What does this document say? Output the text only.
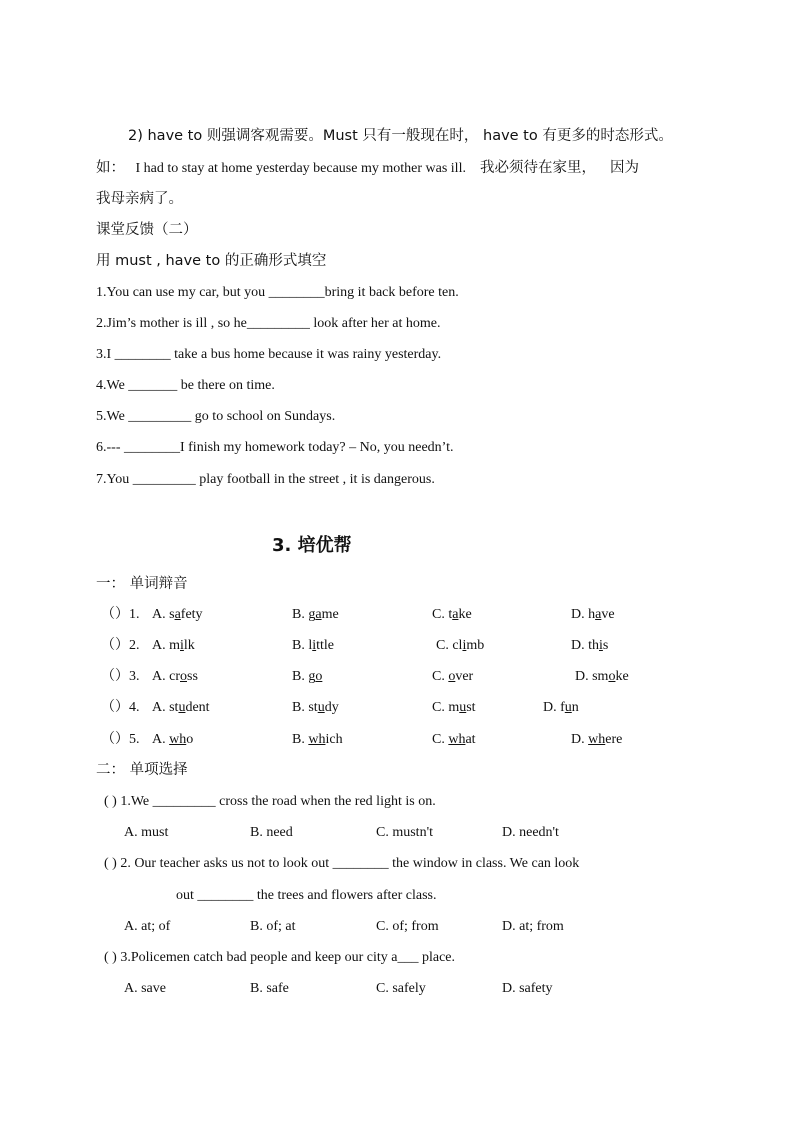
2) have to 则强调客观需要。Must 只有一般现在时， have to 有更多的时态形式。
如： I had to stay at home yesterday because my mother was ill. 我必须待在家里， 因为
我母亲病了。
课堂反馈（二）
用 must , have to 的正确形式填空
1.You can use my car, but you ________bring it back before ten.
2.Jim’s mother is ill , so he_________ look after her at home.
3.I ________ take a bus home because it was rainy yesterday.
4.We _______ be there on time.
5.We _________ go to school on Sundays.
6.--- ________I finish my homework today? – No, you needn’t.
7.You _________ play football in the street , it is dangerous.
3. 培优帮
一： 单词辩音
（）1. A. safety	B. game	C. take	D. have
（）2. A. milk	B. little	C. climb	D. this
（）3. A. cross	B. go	C. over	D. smoke
（）4. A. student	B. study	C. must	D. fun
（）5. A. who	B. which	C. what	D. where
二： 单项选择
( ) 1.We _________ cross the road when the red light is on.
A. must	B. need	C. mustn't	D. needn't
( ) 2. Our teacher asks us not to look out ________ the window in class. We can look
out ________ the trees and flowers after class.
A. at; of	B. of; at	C. of; from	D. at; from
( ) 3.Policemen catch bad people and keep our city a___ place.
A. save	B. safe	C. safely	D. safety
